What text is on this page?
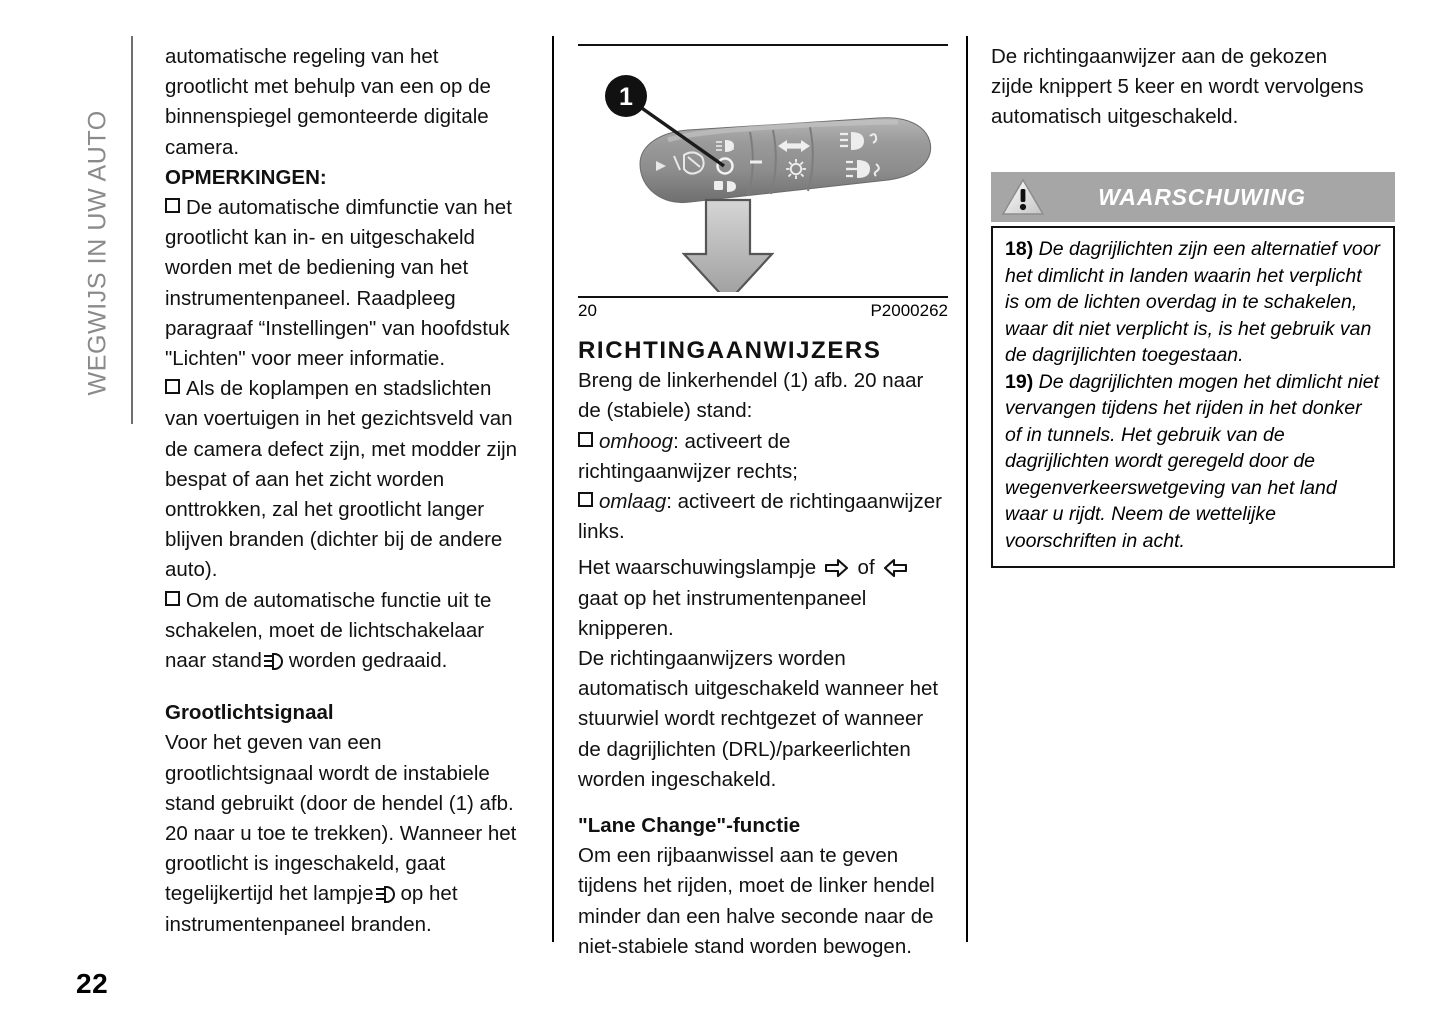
WEGWIJS IN UW AUTO

automatische regeling van het grootlicht met behulp van een op de binnenspiegel gemonteerde digitale camera.

OPMERKINGEN:

De automatische dimfunctie van het grootlicht kan in- en uitgeschakeld worden met de bediening van het instrumentenpaneel. Raadpleeg paragraaf “Instellingen" van hoofdstuk "Lichten" voor meer informatie.

Als de koplampen en stadslichten van voertuigen in het gezichtsveld van de camera defect zijn, met modder zijn bespat of aan het zicht worden onttrokken, zal het grootlicht langer blijven branden (dichter bij de andere auto).

Om de automatische functie uit te schakelen, moet de lichtschakelaar naar stand worden gedraaid.

Grootlichtsignaal

Voor het geven van een grootlichtsignaal wordt de instabiele stand gebruikt (door de hendel (1) afb. 20 naar u toe te trekken). Wanneer het grootlicht is ingeschakeld, gaat tegelijkertijd het lampje op het instrumentenpaneel branden.

A
1
20	P2000262

RICHTINGAANWIJZERS

Breng de linkerhendel (1) afb. 20 naar de (stabiele) stand:

omhoog: activeert de richtingaanwijzer rechts;

omlaag: activeert de richtingaanwijzer links.

Het waarschuwingslampje of  gaat op het instrumentenpaneel knipperen.

De richtingaanwijzers worden automatisch uitgeschakeld wanneer het stuurwiel wordt rechtgezet of wanneer de dagrijlichten (DRL)/parkeerlichten worden ingeschakeld.

"Lane Change"-functie

Om een rijbaanwissel aan te geven tijdens het rijden, moet de linker hendel minder dan een halve seconde naar de niet-stabiele stand worden bewogen.

De richtingaanwijzer aan de gekozen zijde knippert 5 keer en wordt vervolgens automatisch uitgeschakeld.

WAARSCHUWING

18) De dagrijlichten zijn een alternatief voor het dimlicht in landen waarin het verplicht is om de lichten overdag in te schakelen, waar dit niet verplicht is, is het gebruik van de dagrijlichten toegestaan.

19) De dagrijlichten mogen het dimlicht niet vervangen tijdens het rijden in het donker of in tunnels. Het gebruik van de dagrijlichten wordt geregeld door de wegenverkeerswetgeving van het land waar u rijdt. Neem de wettelijke voorschriften in acht.

22
